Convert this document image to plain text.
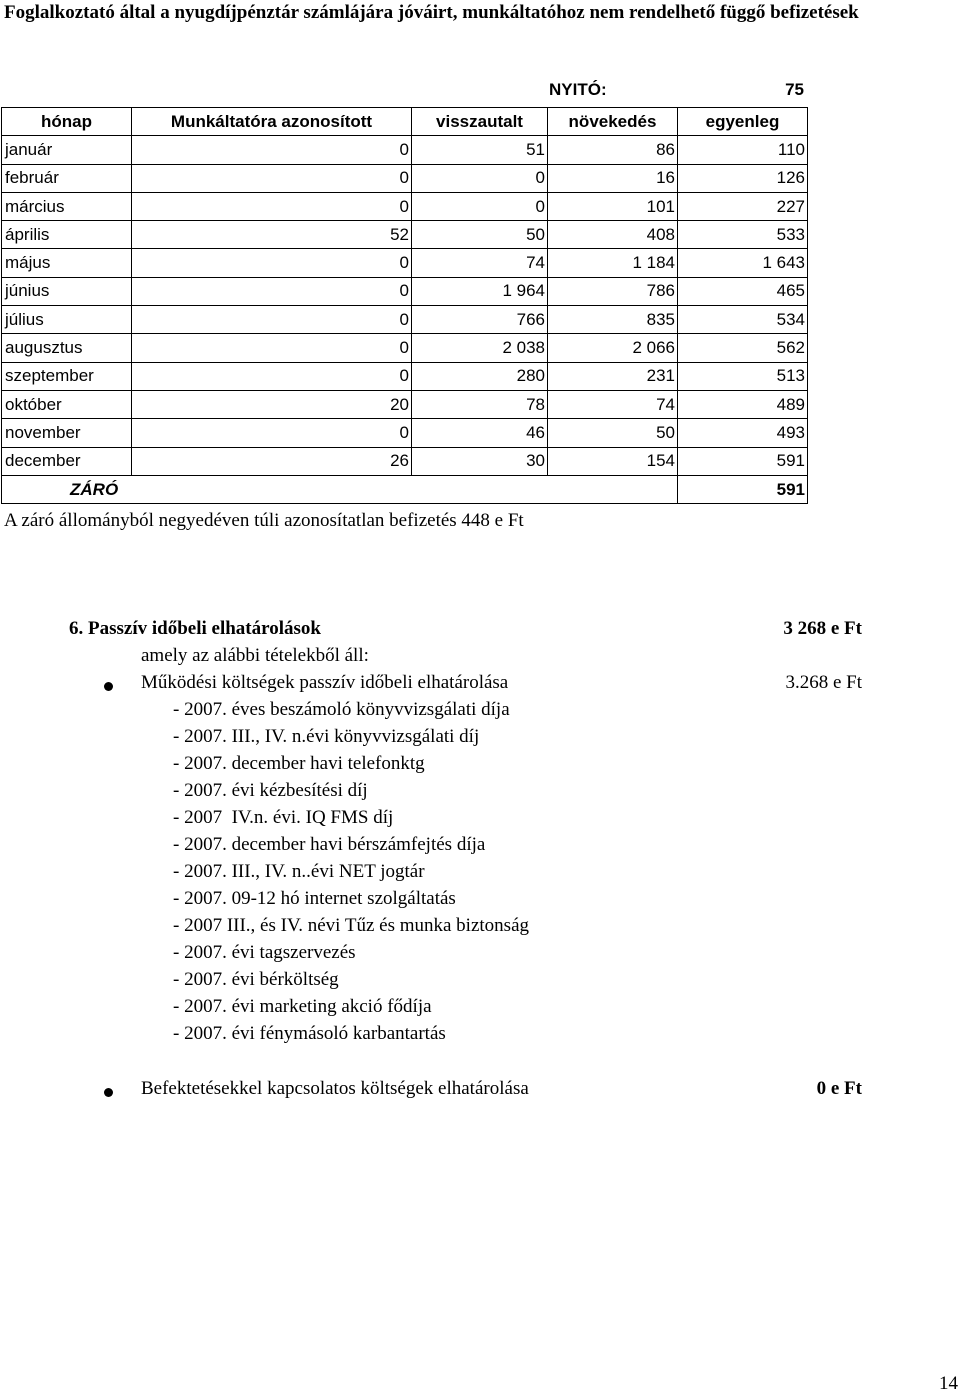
Foglalkoztató által a nyugdíjpénztár számlájára jóváirt, munkáltatóhoz nem rendelhető függő befizetések
NYITÓ:	75
hónap	Munkáltatóra azonosított	visszautalt	növekedés	egyenleg
január	0	51	86	110
február	0	0	16	126
március	0	0	101	227
április	52	50	408	533
május	0	74	1 184	1 643
június	0	1 964	786	465
július	0	766	835	534
augusztus	0	2 038	2 066	562
szeptember	0	280	231	513
október	20	78	74	489
november	0	46	50	493
december	26	30	154	591
ZÁRÓ				591
A záró állományból negyedéven túli azonosítatlan befizetés 448 e Ft
6. Passzív időbeli elhatárolások	3 268 e Ft
amely az alábbi tételekből áll:
Működési költségek passzív időbeli elhatárolása	3.268 e Ft
- 2007. éves beszámoló könyvvizsgálati díja
- 2007. III., IV. n.évi könyvvizsgálati díj
- 2007. december havi telefonktg
- 2007. évi kézbesítési díj
- 2007  IV.n. évi. IQ FMS díj
- 2007. december havi bérszámfejtés díja
- 2007. III., IV. n..évi NET jogtár
- 2007. 09-12 hó internet szolgáltatás
- 2007 III., és IV. névi Tűz és munka biztonság
- 2007. évi tagszervezés
- 2007. évi bérköltség
- 2007. évi marketing akció fődíja
- 2007. évi fénymásoló karbantartás
Befektetésekkel kapcsolatos költségek elhatárolása	0 e Ft
14
